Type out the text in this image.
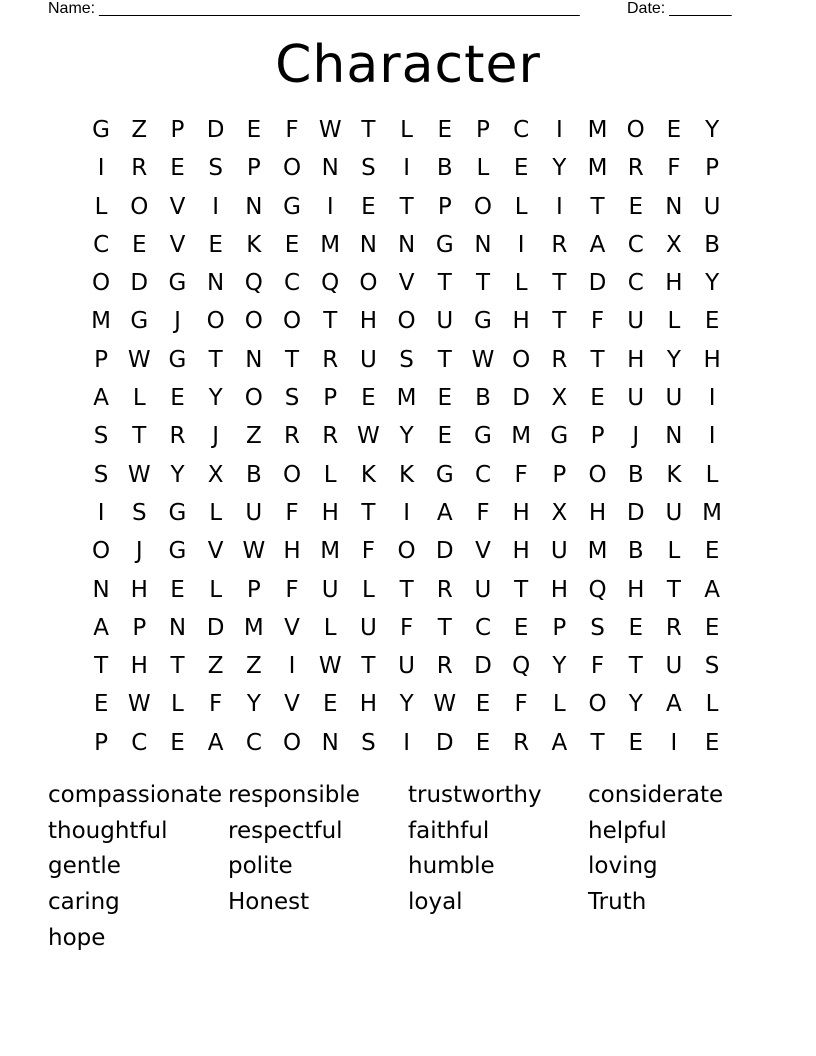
Name: ______________________________________________________	Date: _______
Character
G Z	P D E	F W T	L	E	P	C	I	M O E	Y
I	R E	S	P O N S	I	B	L	E	Y M R	F	P
L O V	I	N G	I	E	T	P O L	I	T	E N U
C E	V	E	K	E M N N G N	I	R A C X B
O D G N Q C Q O V	T	T	L	T D C H Y
M G	J	O O O T H O U G H T	F	U	L	E
P W G T N T	R U S	T W O R	T H Y H
A	L	E	Y O S	P	E M E	B D X	E U U	I
S	T	R	J	Z R R W Y	E G M G P	J	N	I
S W Y	X B O L	K	K G C	F	P O B K	L
I	S G L	U	F H T	I	A	F H X H D U M
O	J	G V W H M F O D V H U M B	L	E
N H E	L	P	F	U	L	T	R U T H Q H T	A
A	P N D M V	L	U	F	T	C E	P	S	E R E
T H T	Z Z	I	W T U R D Q Y	F	T U S
E W L	F	Y	V	E H Y W E	F	L O Y	A	L
P	C E	A C O N S	I	D E R A	T	E	I	E
compassionate responsible	trustworthy	considerate
thoughtful	respectful	faithful	helpful
gentle	polite	humble	loving
caring	Honest	loyal	Truth
hope
